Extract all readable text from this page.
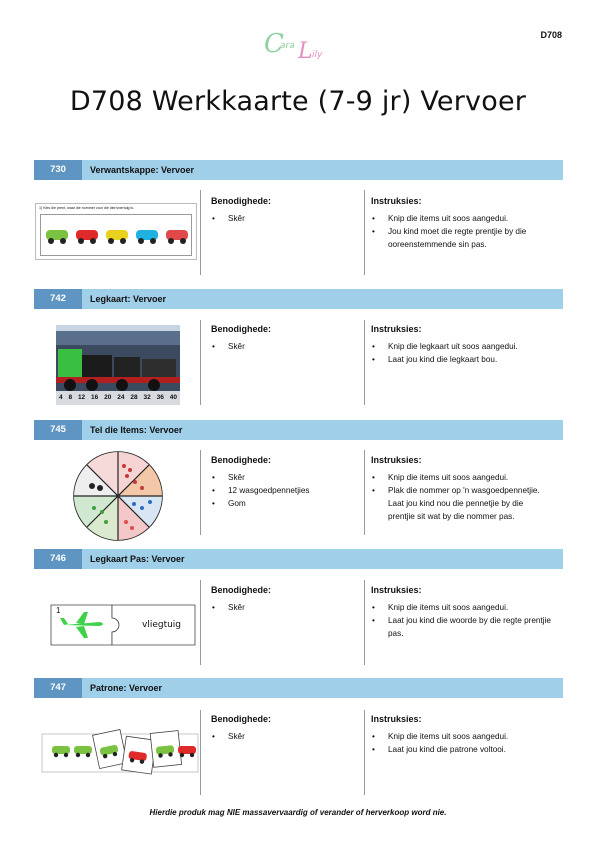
D708
C
ara L ily
D708 Werkkaarte (7-9 jr) Vervoer
730	Verwantskappe: Vervoer
1) Kies die prent, waar die nommer voor die dier/voertuig is.
Benodighede:
• Skêr
Instruksies:
• Knip die items uit soos aangedui.
• Jou kind moet die regte prentjie by die ooreenstemmende sin pas.
742	Legkaart: Vervoer
4 8 12 16 20 24 28 32 36 40
Benodighede:
• Skêr
Instruksies:
• Knip die legkaart uit soos aangedui.
• Laat jou kind die legkaart bou.
745	Tel die Items: Vervoer
Benodighede:
• Skêr
• 12 wasgoedpennetjies
• Gom
Instruksies:
• Knip die items uit soos aangedui.
• Plak die nommer op 'n wasgoedpennetjie. Laat jou kind nou die pennetjie by die prentjie sit wat by die nommer pas.
746	Legkaart Pas: Vervoer
1
vliegtuig
Benodighede:
• Skêr
Instruksies:
• Knip die items uit soos aangedui.
• Laat jou kind die woorde by die regte prentjie pas.
747	Patrone: Vervoer
Benodighede:
• Skêr
Instruksies:
• Knip die items uit soos aangedui.
• Laat jou kind die patrone voltooi.
Hierdie produk mag NIE massavervaardig of verander of herverkoop word nie.
